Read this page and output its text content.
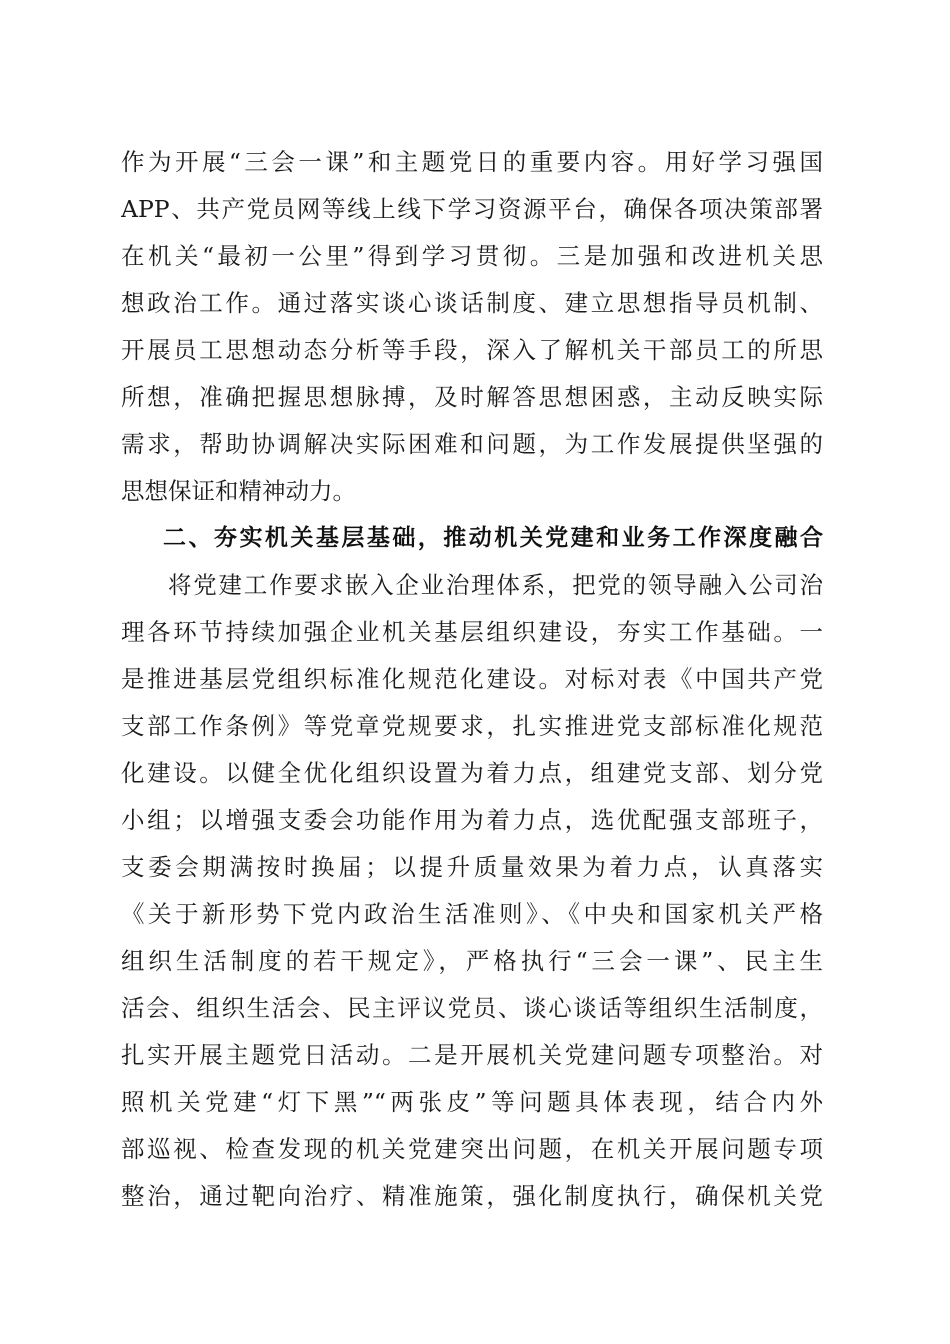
作为开展“三会一课”和主题党日的重要内容。用好学习强国
APP、共产党员网等线上线下学习资源平台，确保各项决策部署
在机关“最初一公里”得到学习贯彻。三是加强和改进机关思
想政治工作。通过落实谈心谈话制度、建立思想指导员机制、
开展员工思想动态分析等手段，深入了解机关干部员工的所思
所想，准确把握思想脉搏，及时解答思想困惑，主动反映实际
需求，帮助协调解决实际困难和问题，为工作发展提供坚强的
思想保证和精神动力。
二、夯实机关基层基础，推动机关党建和业务工作深度融合
将党建工作要求嵌入企业治理体系，把党的领导融入公司治
理各环节持续加强企业机关基层组织建设，夯实工作基础。一
是推进基层党组织标准化规范化建设。对标对表《中国共产党
支部工作条例》等党章党规要求，扎实推进党支部标准化规范
化建设。以健全优化组织设置为着力点，组建党支部、划分党
小组；以增强支委会功能作用为着力点，选优配强支部班子，
支委会期满按时换届；以提升质量效果为着力点，认真落实
《关于新形势下党内政治生活准则》、《中央和国家机关严格
组织生活制度的若干规定》，严格执行“三会一课”、民主生
活会、组织生活会、民主评议党员、谈心谈话等组织生活制度，
扎实开展主题党日活动。二是开展机关党建问题专项整治。对
照机关党建“灯下黑”“两张皮”等问题具体表现，结合内外
部巡视、检查发现的机关党建突出问题，在机关开展问题专项
整治，通过靶向治疗、精准施策，强化制度执行，确保机关党
